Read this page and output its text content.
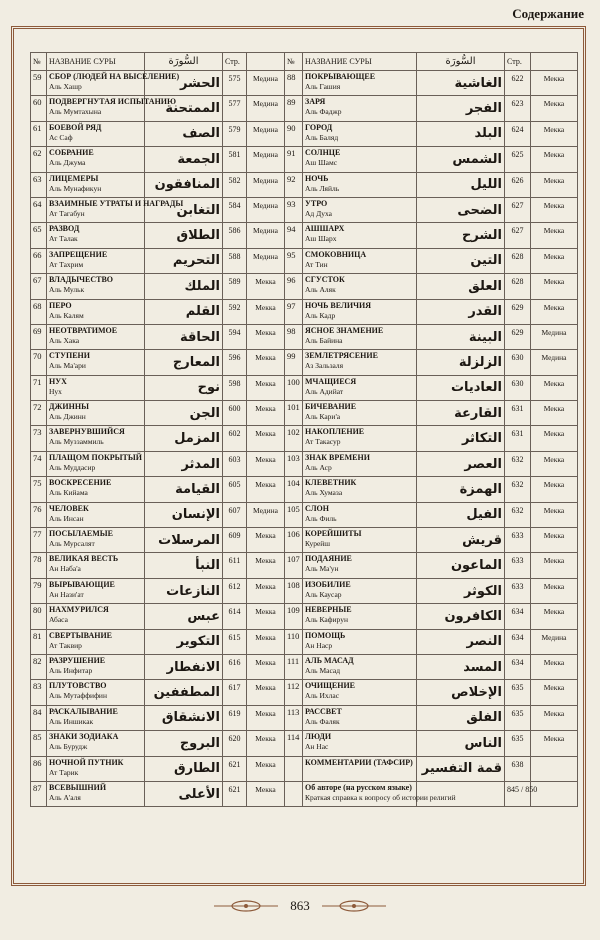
Содержание
№	НАЗВАНИЕ СУРЫ	السُّورَة	Стр.	
59	СБОР (ЛЮДЕЙ НА ВЫСЕЛЕНИЕ)
Аль Хашр	الحشر	575	Медина
60	ПОДВЕРГНУТАЯ ИСПЫТАНИЮ
Аль Мумтахына	الممتحنة	577	Медина
61	БОЕВОЙ РЯД
Ас Саф	الصف	579	Медина
62	СОБРАНИЕ
Аль Джума	الجمعة	581	Медина
63	ЛИЦЕМЕРЫ
Аль Мунафикун	المنافقون	582	Медина
64	ВЗАИМНЫЕ УТРАТЫ И НАГРАДЫ
Ат Тагабун	التغابن	584	Медина
65	РАЗВОД
Ат Талак	الطلاق	586	Медина
66	ЗАПРЕЩЕНИЕ
Ат Тахрим	التحريم	588	Медина
67	ВЛАДЫЧЕСТВО
Аль Мульк	الملك	589	Мекка
68	ПЕРО
Аль Калям	القلم	592	Мекка
69	НЕОТВРАТИМОЕ
Аль Хака	الحاقة	594	Мекка
70	СТУПЕНИ
Аль Ма'ари	المعارج	596	Мекка
71	НУХ
Нух	نوح	598	Мекка
72	ДЖИННЫ
Аль Джинн	الجن	600	Мекка
73	ЗАВЕРНУВШИЙСЯ
Аль Муззаммиль	المزمل	602	Мекка
74	ПЛАЩОМ ПОКРЫТЫЙ
Аль Муддасир	المدثر	603	Мекка
75	ВОСКРЕСЕНИЕ
Аль Кийама	القيامة	605	Мекка
76	ЧЕЛОВЕК
Аль Инсан	الإنسان	607	Медина
77	ПОСЫЛАЕМЫЕ
Аль Мурсалят	المرسلات	609	Мекка
78	ВЕЛИКАЯ ВЕСТЬ
Ан Наба'а	النبأ	611	Мекка
79	ВЫРЫВАЮЩИЕ
Ан Нази'ат	النازعات	612	Мекка
80	НАХМУРИЛСЯ
Абаса	عبس	614	Мекка
81	СВЕРТЫВАНИЕ
Ат Таквир	التكوير	615	Мекка
82	РАЗРУШЕНИЕ
Аль Инфитар	الانفطار	616	Мекка
83	ПЛУТОВСТВО
Аль Мутаффифин	المطففين	617	Мекка
84	РАСКАЛЫВАНИЕ
Аль Иншикак	الانشقاق	619	Мекка
85	ЗНАКИ ЗОДИАКА
Аль Бурудж	البروج	620	Мекка
86	НОЧНОЙ ПУТНИК
Ат Тарик	الطارق	621	Мекка
87	ВСЕВЫШНИЙ
Аль А'аля	الأعلى	621	Мекка
№	НАЗВАНИЕ СУРЫ	السُّورَة	Стр.	
88	ПОКРЫВАЮЩЕЕ
Аль Гашия	الغاشية	622	Мекка
89	ЗАРЯ
Аль Фаджр	الفجر	623	Мекка
90	ГОРОД
Аль Баляд	البلد	624	Мекка
91	СОЛНЦЕ
Аш Шамс	الشمس	625	Мекка
92	НОЧЬ
Аль Ляйль	الليل	626	Мекка
93	УТРО
Ад Духа	الضحى	627	Мекка
94	АШШАРХ
Аш Шарх	الشرح	627	Мекка
95	СМОКОВНИЦА
Ат Тин	التين	628	Мекка
96	СГУСТОК
Аль Аляк	العلق	628	Мекка
97	НОЧЬ ВЕЛИЧИЯ
Аль Кадр	القدر	629	Мекка
98	ЯСНОЕ ЗНАМЕНИЕ
Аль Байина	البينة	629	Медина
99	ЗЕМЛЕТРЯСЕНИЕ
Аз Зальзаля	الزلزلة	630	Медина
100	МЧАЩИЕСЯ
Аль Адийат	العاديات	630	Мекка
101	БИЧЕВАНИЕ
Аль Кари'а	القارعة	631	Мекка
102	НАКОПЛЕНИЕ
Ат Такасур	التكاثر	631	Мекка
103	ЗНАК ВРЕМЕНИ
Аль Аср	العصر	632	Мекка
104	КЛЕВЕТНИК
Аль Хумаза	الهمزة	632	Мекка
105	СЛОН
Аль Филь	الفيل	632	Мекка
106	КОРЕЙШИТЫ
Курейш	قريش	633	Мекка
107	ПОДАЯНИЕ
Аль Ма'ун	الماعون	633	Мекка
108	ИЗОБИЛИЕ
Аль Каусар	الكوثر	633	Мекка
109	НЕВЕРНЫЕ
Аль Кафирун	الكافرون	634	Мекка
110	ПОМОЩЬ
Ан Наср	النصر	634	Медина
111	АЛЬ МАСАД
Аль Масад	المسد	634	Мекка
112	ОЧИЩЕНИЕ
Аль Ихлас	الإخلاص	635	Мекка
113	РАССВЕТ
Аль Фаляк	الفلق	635	Мекка
114	ЛЮДИ
Ан Нас	الناس	635	Мекка

	КОММЕНТАРИИ (ТАФСИР)	قمة التفسير	638	

	Об авторе (на русском языке)
Краткая справка к вопросу об истории религий		845 / 850	
863
